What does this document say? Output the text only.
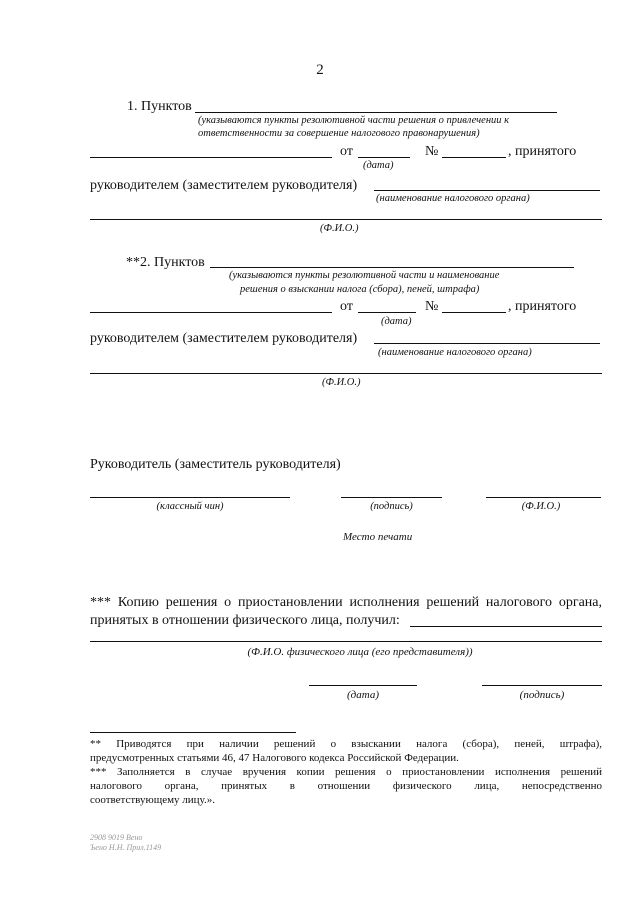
2
1. Пунктов
(указываются пункты резолютивной части решения о привлечении к
ответственности за совершение налогового правонарушения)
от	№	, принятого
(дата)
руководителем (заместителем руководителя)
(наименование налогового органа)
(Ф.И.О.)
**2. Пунктов
(указываются пункты резолютивной части и наименование
решения о взыскании налога (сбора), пеней, штрафа)
от	№	, принятого
(дата)
руководителем (заместителем руководителя)
(наименование налогового органа)
(Ф.И.О.)
Руководитель (заместитель руководителя)
(классный чин)	(подпись)	(Ф.И.О.)
Место печати
*** Копию решения о приостановлении исполнения решений налогового органа,
принятых в отношении физического лица, получил:
(Ф.И.О. физического лица (его представителя))
(дата)	(подпись)
** Приводятся при наличии решений о взыскании налога (сбора), пеней, штрафа),
предусмотренных статьями 46, 47 Налогового кодекса Российской Федерации.
*** Заполняется в случае вручения копии решения о приостановлении исполнения решений
налогового органа, принятых в отношении физического лица, непосредственно
соответствующему лицу.».
2908 9019 Вено
Ъено Н.Н. Прил.1149
